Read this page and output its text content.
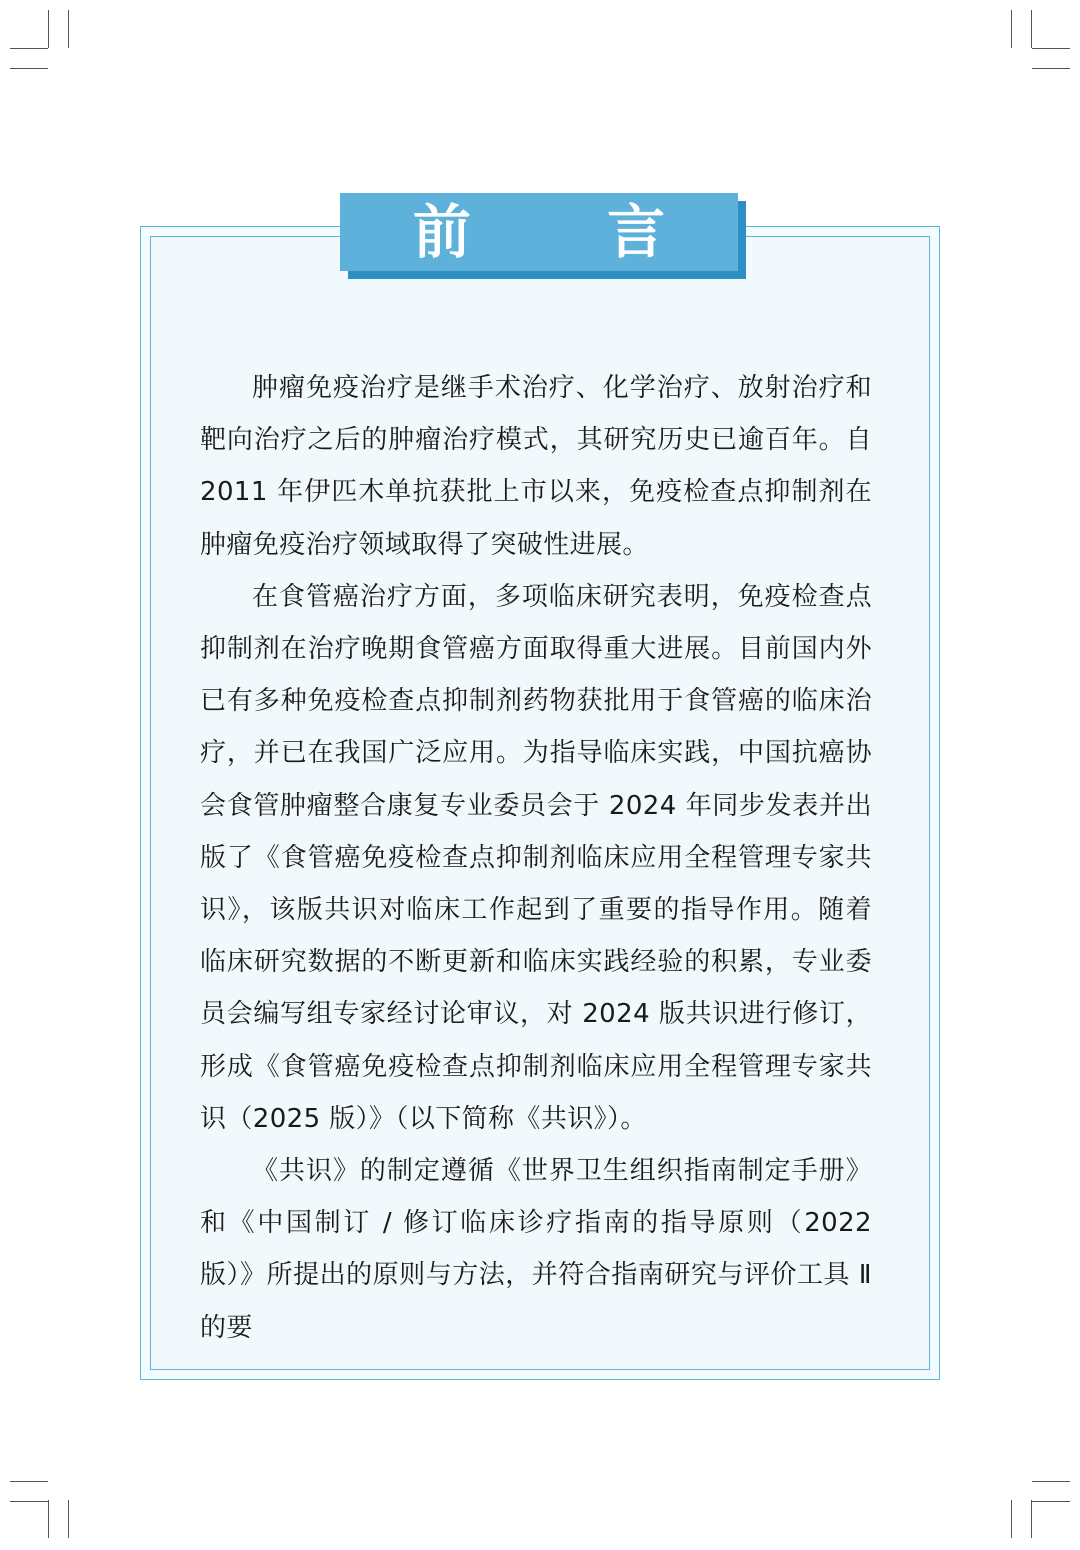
前 言

肿瘤免疫治疗是继手术治疗、化学治疗、放射治疗和靶向治疗之后的肿瘤治疗模式，其研究历史已逾百年。自 2011 年伊匹木单抗获批上市以来，免疫检查点抑制剂在肿瘤免疫治疗领域取得了突破性进展。

在食管癌治疗方面，多项临床研究表明，免疫检查点抑制剂在治疗晚期食管癌方面取得重大进展。目前国内外已有多种免疫检查点抑制剂药物获批用于食管癌的临床治疗，并已在我国广泛应用。为指导临床实践，中国抗癌协会食管肿瘤整合康复专业委员会于 2024 年同步发表并出版了《食管癌免疫检查点抑制剂临床应用全程管理专家共识》，该版共识对临床工作起到了重要的指导作用。随着临床研究数据的不断更新和临床实践经验的积累，专业委员会编写组专家经讨论审议，对 2024 版共识进行修订，形成《食管癌免疫检查点抑制剂临床应用全程管理专家共识（2025 版）》（以下简称《共识》）。

《共识》的制定遵循《世界卫生组织指南制定手册》和《中国制订 / 修订临床诊疗指南的指导原则（2022 版）》所提出的原则与方法，并符合指南研究与评价工具 Ⅱ 的要
